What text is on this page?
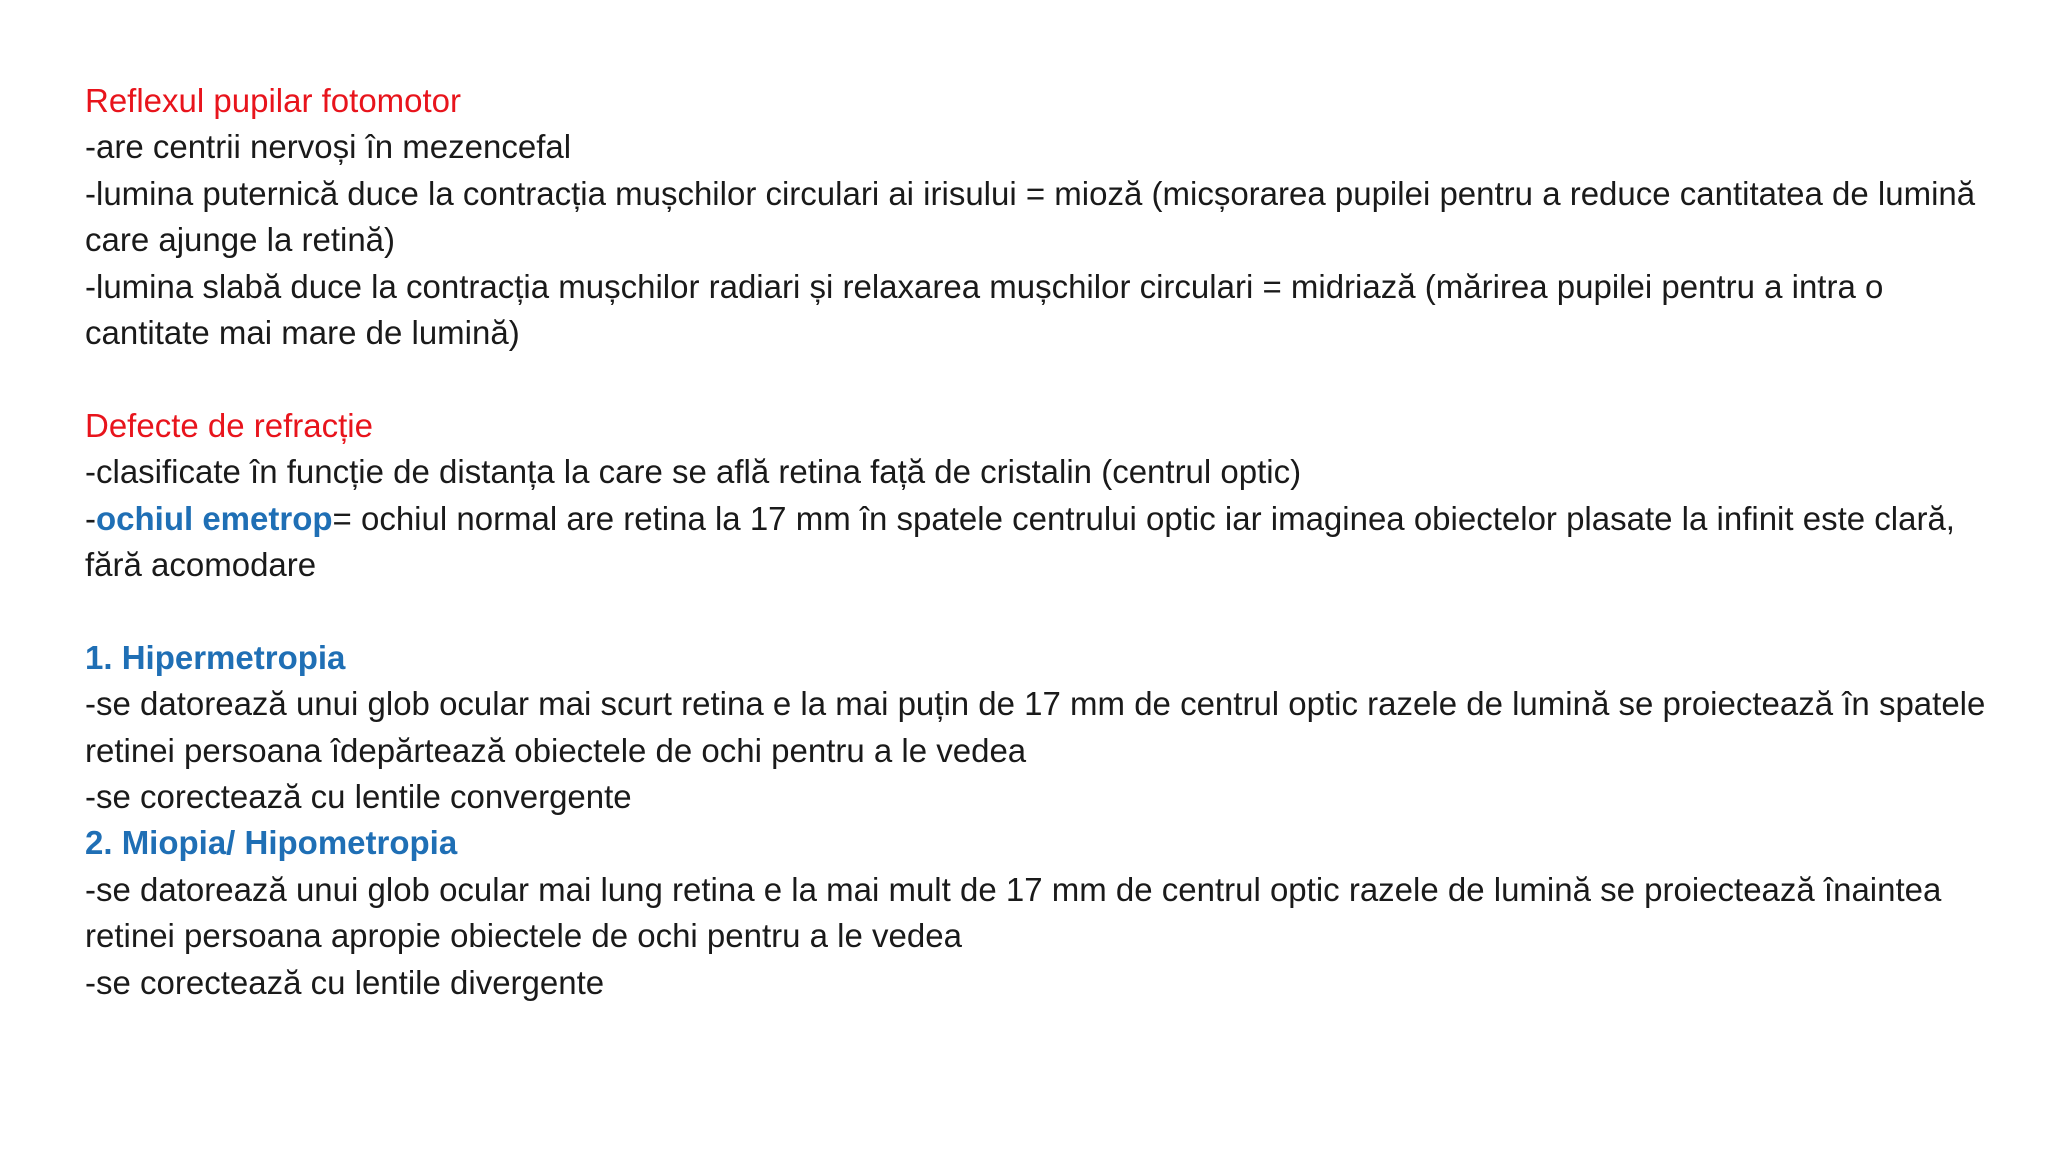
Reflexul pupilar fotomotor

-are centrii nervoși în mezencefal

-lumina puternică duce la contracția mușchilor circulari ai irisului = mioză (micșorarea pupilei pentru a reduce cantitatea de lumină care ajunge la retină)

-lumina slabă duce la contracția mușchilor radiari și relaxarea mușchilor circulari = midriază (mărirea pupilei pentru a intra o cantitate mai mare de lumină)

Defecte de refracție

-clasificate în funcție de distanța la care se află retina față de cristalin (centrul optic)

-ochiul emetrop= ochiul normal are retina la 17 mm în spatele centrului optic iar imaginea obiectelor plasate la infinit este clară, fără acomodare

1. Hipermetropia

-se datorează unui glob ocular mai scurt retina e la mai puțin de 17 mm de centrul optic razele de lumină se proiectează în spatele retinei persoana îdepărtează obiectele de ochi pentru a le vedea

-se corectează cu lentile convergente

2. Miopia/ Hipometropia

-se datorează unui glob ocular mai lung retina e la mai mult de 17 mm de centrul optic razele de lumină se proiectează înaintea retinei persoana apropie obiectele de ochi pentru a le vedea

-se corectează cu lentile divergente
